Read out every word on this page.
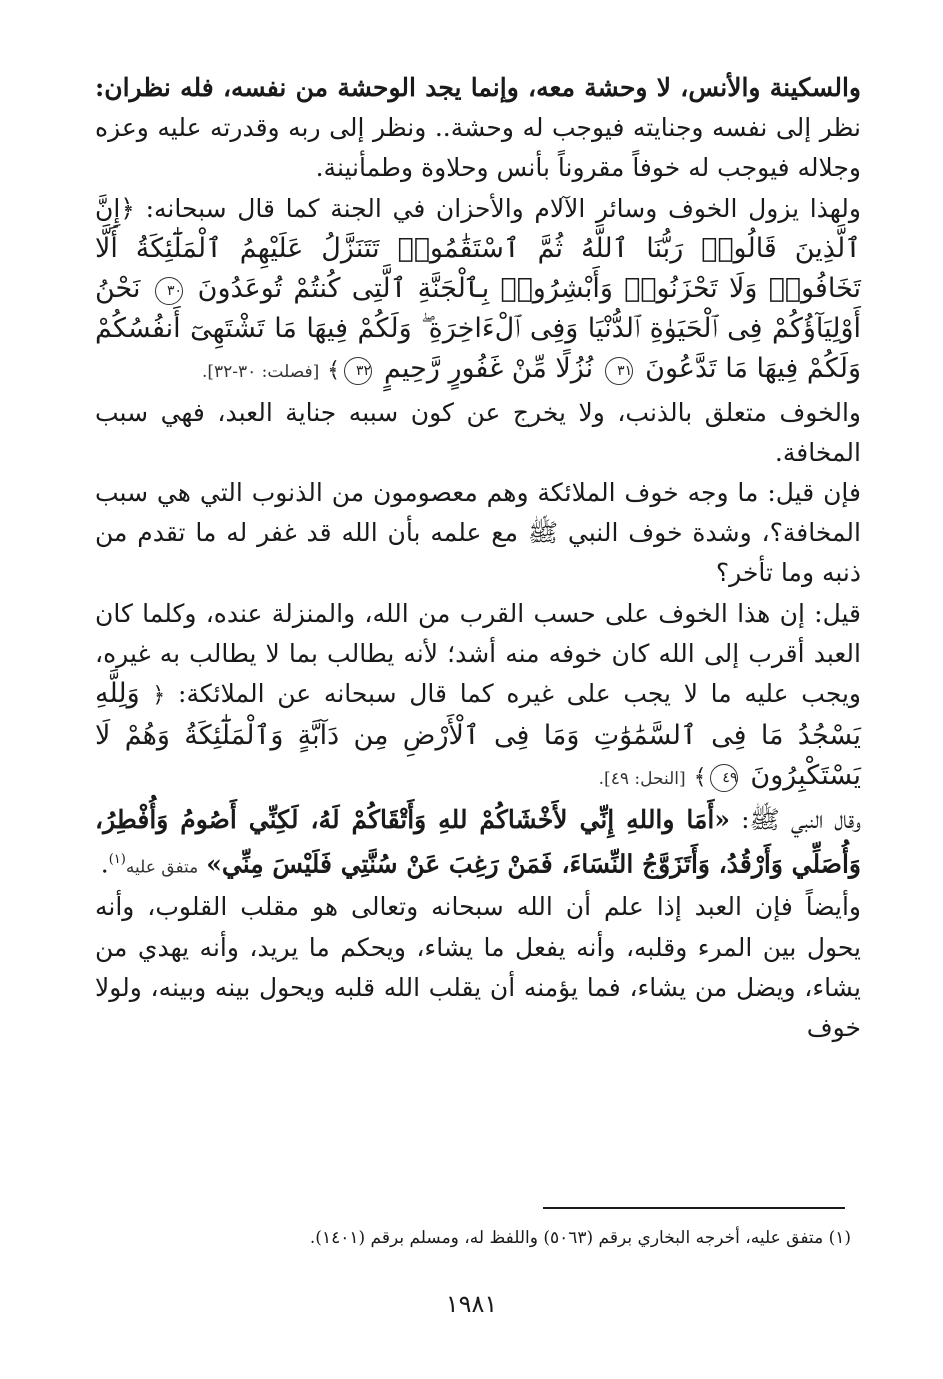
والسكينة والأنس، لا وحشة معه، وإنما يجد الوحشة من نفسه، فله نظران: نظر إلى نفسه وجنايته فيوجب له وحشة.. ونظر إلى ربه وقدرته عليه وعزه وجلاله فيوجب له خوفاً مقروناً بأنس وحلاوة وطمأنينة.

ولهذا يزول الخوف وسائر الآلام والأحزان في الجنة كما قال سبحانه: ﴿إِنَّ ٱلَّذِينَ قَالُوا۟ رَبُّنَا ٱللَّهُ ثُمَّ ٱسْتَقَٰمُوا۟ تَتَنَزَّلُ عَلَيْهِمُ ٱلْمَلَٰٓئِكَةُ أَلَّا تَخَافُوا۟ وَلَا تَحْزَنُوا۟ وَأَبْشِرُوا۟ بِٱلْجَنَّةِ ٱلَّتِى كُنتُمْ تُوعَدُونَ ٣٠ نَحْنُ أَوْلِيَآؤُكُمْ فِى ٱلْحَيَوٰةِ ٱلدُّنْيَا وَفِى ٱلْءَاخِرَةِ ۖ وَلَكُمْ فِيهَا مَا تَشْتَهِىٓ أَنفُسُكُمْ وَلَكُمْ فِيهَا مَا تَدَّعُونَ ٣١ نُزُلًا مِّنْ غَفُورٍ رَّحِيمٍ ٣٢﴾ [فصلت: ٣٠-٣٢].

والخوف متعلق بالذنب، ولا يخرج عن كون سببه جناية العبد، فهي سبب المخافة.

فإن قيل: ما وجه خوف الملائكة وهم معصومون من الذنوب التي هي سبب المخافة؟، وشدة خوف النبي ﷺ مع علمه بأن الله قد غفر له ما تقدم من ذنبه وما تأخر؟

قيل: إن هذا الخوف على حسب القرب من الله، والمنزلة عنده، وكلما كان العبد أقرب إلى الله كان خوفه منه أشد؛ لأنه يطالب بما لا يطالب به غيره، ويجب عليه ما لا يجب على غيره كما قال سبحانه عن الملائكة: ﴿ وَلِلَّهِ يَسْجُدُ مَا فِى ٱلسَّمَٰوَٰتِ وَمَا فِى ٱلْأَرْضِ مِن دَآبَّةٍ وَٱلْمَلَٰٓئِكَةُ وَهُمْ لَا يَسْتَكْبِرُونَ ٤٩﴾ [النحل: ٤٩].

وقال النبي ﷺ: «أَمَا واللهِ إِنِّي لأَخْشَاكُمْ للهِ وَأَتْقَاكُمْ لَهُ، لَكِنِّي أَصُومُ وَأُفْطِرُ، وَأُصَلِّي وَأَرْقُدُ، وَأَتَزَوَّجُ النِّسَاءَ، فَمَنْ رَغِبَ عَنْ سُنَّتِي فَلَيْسَ مِنِّي» متفق عليه$^{(١)}$.

وأيضاً فإن العبد إذا علم أن الله سبحانه وتعالى هو مقلب القلوب، وأنه يحول بين المرء وقلبه، وأنه يفعل ما يشاء، ويحكم ما يريد، وأنه يهدي من يشاء، ويضل من يشاء، فما يؤمنه أن يقلب الله قلبه ويحول بينه وبينه، ولولا خوف

(١) متفق عليه، أخرجه البخاري برقم (٥٠٦٣) واللفظ له، ومسلم برقم (١٤٠١).

١٩٨١
